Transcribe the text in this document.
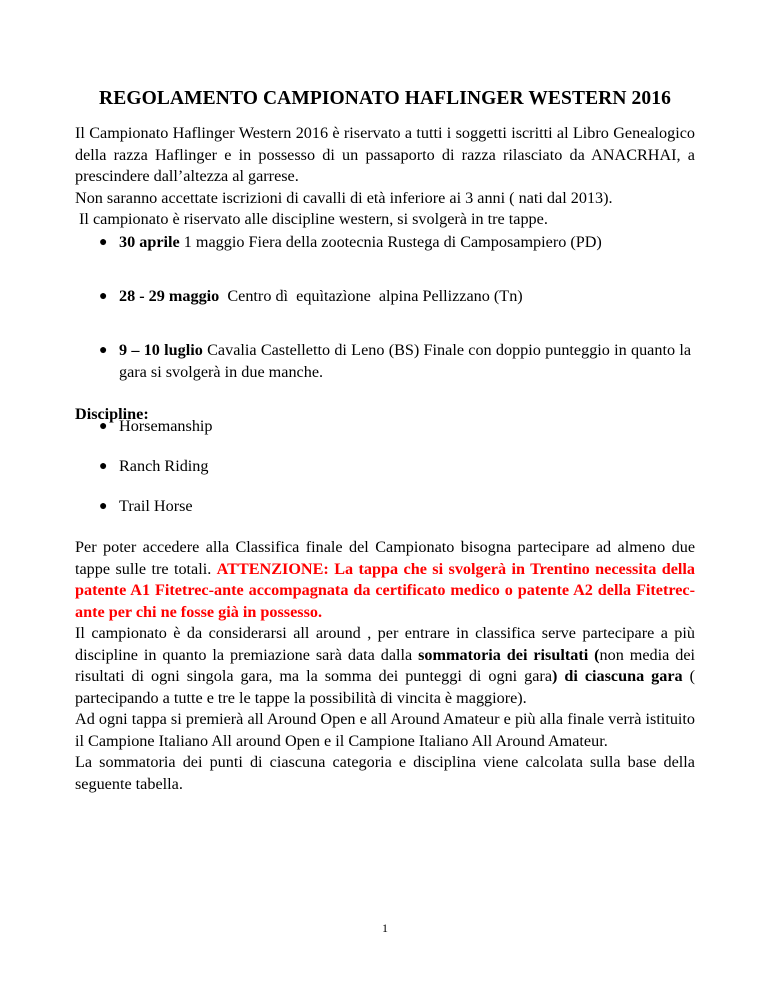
REGOLAMENTO CAMPIONATO HAFLINGER WESTERN 2016
Il Campionato Haflinger Western 2016 è riservato a tutti i soggetti iscritti al Libro Genealogico della razza Haflinger e in possesso di un passaporto di razza rilasciato da ANACRHAI, a prescindere dall’altezza al garrese.
Non saranno accettate iscrizioni di cavalli di età inferiore ai 3 anni ( nati dal 2013).
Il campionato è riservato alle discipline western, si svolgerà in tre tappe.
● 30 aprile 1 maggio Fiera della zootecnia Rustega di Camposampiero (PD)
● 28 - 29 maggio  Centro dì  equìtazìone  alpina Pellizzano (Tn)
● 9 – 10 luglio Cavalia Castelletto di Leno (BS) Finale con doppio punteggio in quanto la gara si svolgerà in due manche.
Discipline:
● Horsemanship
● Ranch Riding
● Trail Horse
Per poter accedere alla Classifica finale del Campionato bisogna partecipare ad almeno due tappe sulle tre totali. ATTENZIONE: La tappa che si svolgerà in Trentino necessita della patente A1 Fitetrec-ante accompagnata da certificato medico o patente A2 della Fitetrec-ante per chi ne fosse già in possesso.
Il campionato è da considerarsi all around , per entrare in classifica serve partecipare a più discipline in quanto la premiazione sarà data dalla sommatoria dei risultati (non media dei risultati di ogni singola gara, ma la somma dei punteggi di ogni gara) di ciascuna gara ( partecipando a tutte e tre le tappe la possibilità di vincita è maggiore).
Ad ogni tappa si premierà all Around Open e all Around Amateur e più alla finale verrà istituito il Campione Italiano All around Open e il Campione Italiano All Around Amateur.
La sommatoria dei punti di ciascuna categoria e disciplina viene calcolata sulla base della seguente tabella.
1
